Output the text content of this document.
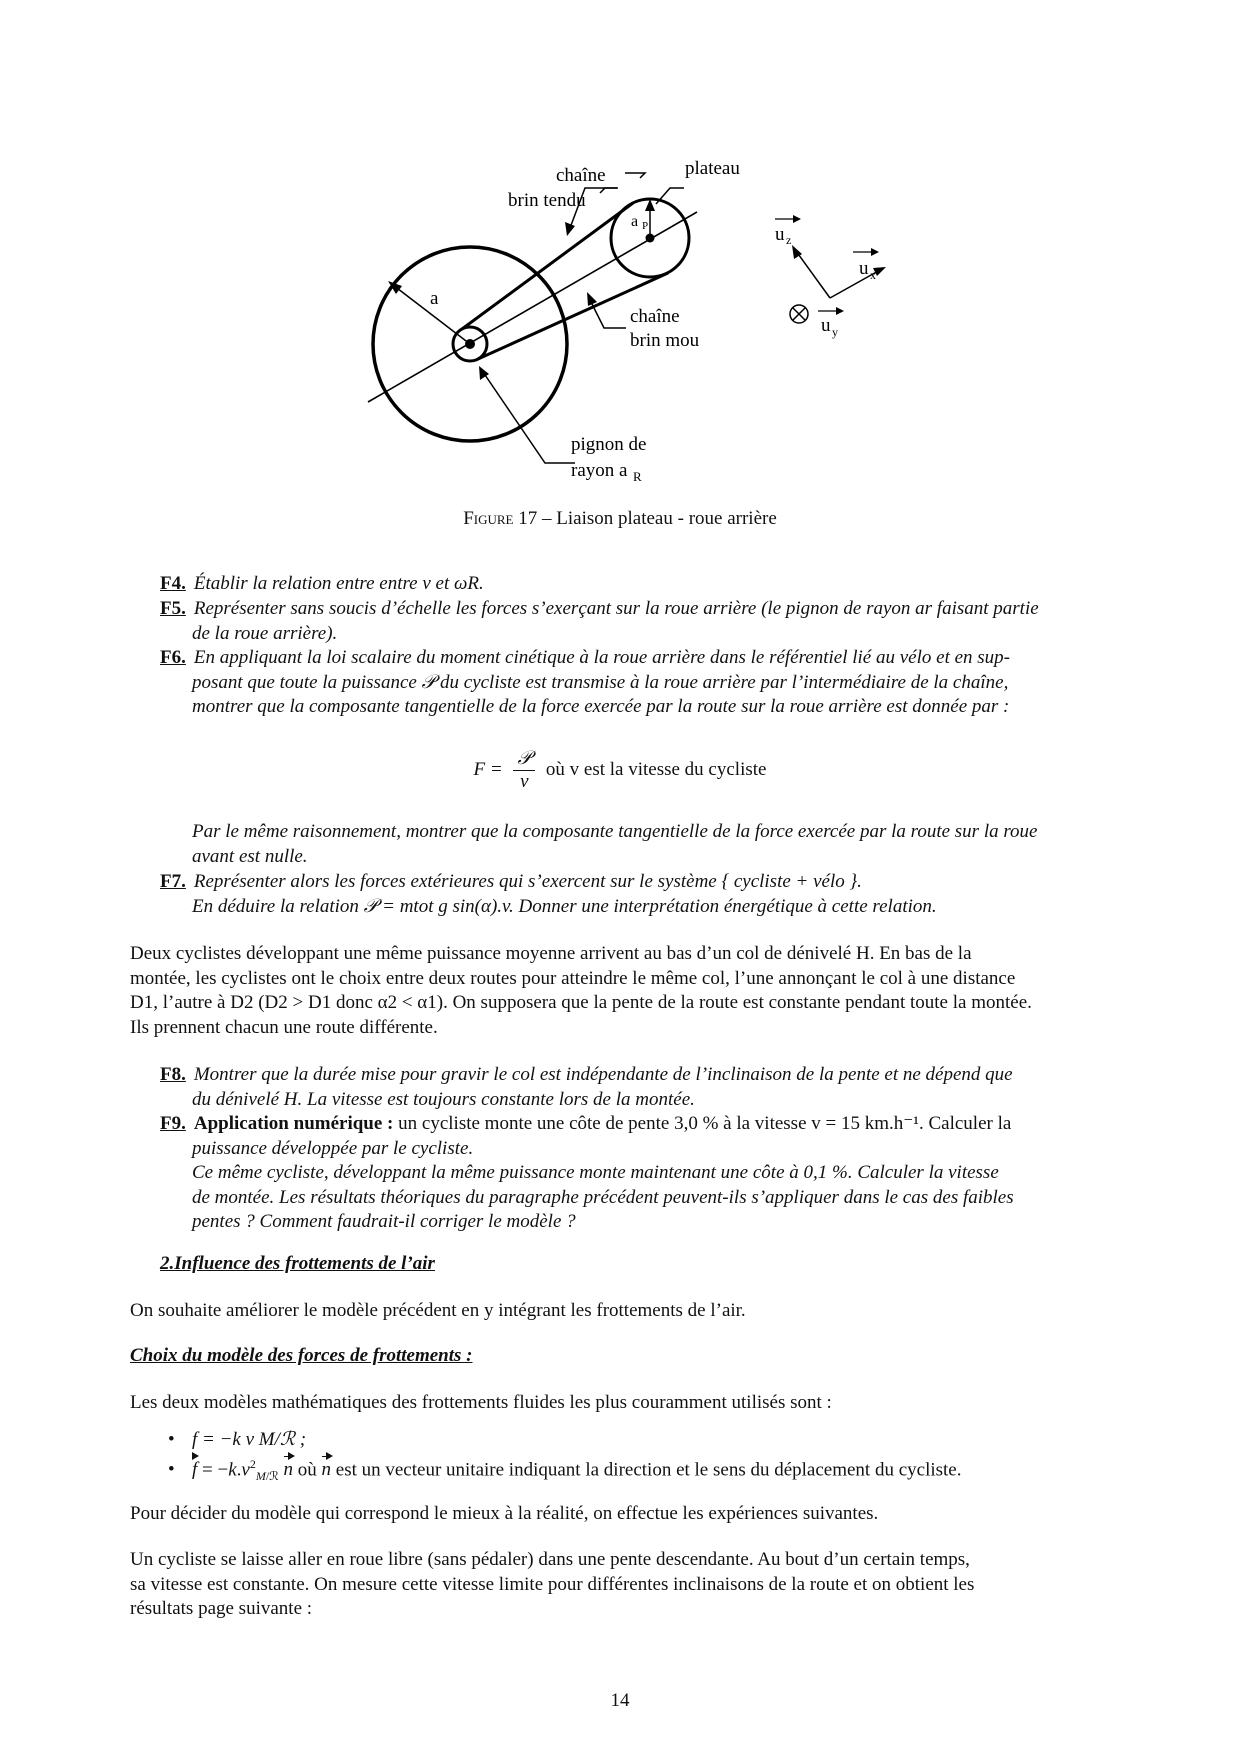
chaîne
brin tendu
plateau
a P
a
chaîne
brin mou
pignon de
rayon a R
u z
u x
u y
Figure 17 – Liaison plateau - roue arrière
F4. Établir la relation entre entre v et ωR.
F5. Représenter sans soucis d’échelle les forces s’exerçant sur la roue arrière (le pignon de rayon ar faisant partie
de la roue arrière).
F6. En appliquant la loi scalaire du moment cinétique à la roue arrière dans le référentiel lié au vélo et en sup-
posant que toute la puissance 𝒫 du cycliste est transmise à la roue arrière par l’intermédiaire de la chaîne,
montrer que la composante tangentielle de la force exercée par la route sur la roue arrière est donnée par :
$F = \frac{\text{𝒫}}{v}$ où v est la vitesse du cycliste
Par le même raisonnement, montrer que la composante tangentielle de la force exercée par la route sur la roue
avant est nulle.
F7. Représenter alors les forces extérieures qui s’exercent sur le système { cycliste + vélo }.
En déduire la relation 𝒫 = mtot g sin(α).v. Donner une interprétation énergétique à cette relation.
Deux cyclistes développant une même puissance moyenne arrivent au bas d’un col de dénivelé H. En bas de la
montée, les cyclistes ont le choix entre deux routes pour atteindre le même col, l’une annonçant le col à une distance
D1, l’autre à D2 (D2 > D1 donc α2 < α1). On supposera que la pente de la route est constante pendant toute la montée.
Ils prennent chacun une route différente.
F8. Montrer que la durée mise pour gravir le col est indépendante de l’inclinaison de la pente et ne dépend que
du dénivelé H. La vitesse est toujours constante lors de la montée.
F9. Application numérique : un cycliste monte une côte de pente 3,0 % à la vitesse v = 15 km.h⁻¹. Calculer la
puissance développée par le cycliste.
Ce même cycliste, développant la même puissance monte maintenant une côte à 0,1 %. Calculer la vitesse
de montée. Les résultats théoriques du paragraphe précédent peuvent-ils s’appliquer dans le cas des faibles
pentes ? Comment faudrait-il corriger le modèle ?
2.Influence des frottements de l’air
On souhaite améliorer le modèle précédent en y intégrant les frottements de l’air.
Choix du modèle des forces de frottements :
Les deux modèles mathématiques des frottements fluides les plus couramment utilisés sont :
• f = −k v M/ℛ ;
• $f = -k.v^2_{M/ℛ}$ n où n est un vecteur unitaire indiquant la direction et le sens du déplacement du cycliste.
Pour décider du modèle qui correspond le mieux à la réalité, on effectue les expériences suivantes.
Un cycliste se laisse aller en roue libre (sans pédaler) dans une pente descendante. Au bout d’un certain temps,
sa vitesse est constante. On mesure cette vitesse limite pour différentes inclinaisons de la route et on obtient les
résultats page suivante :
14
